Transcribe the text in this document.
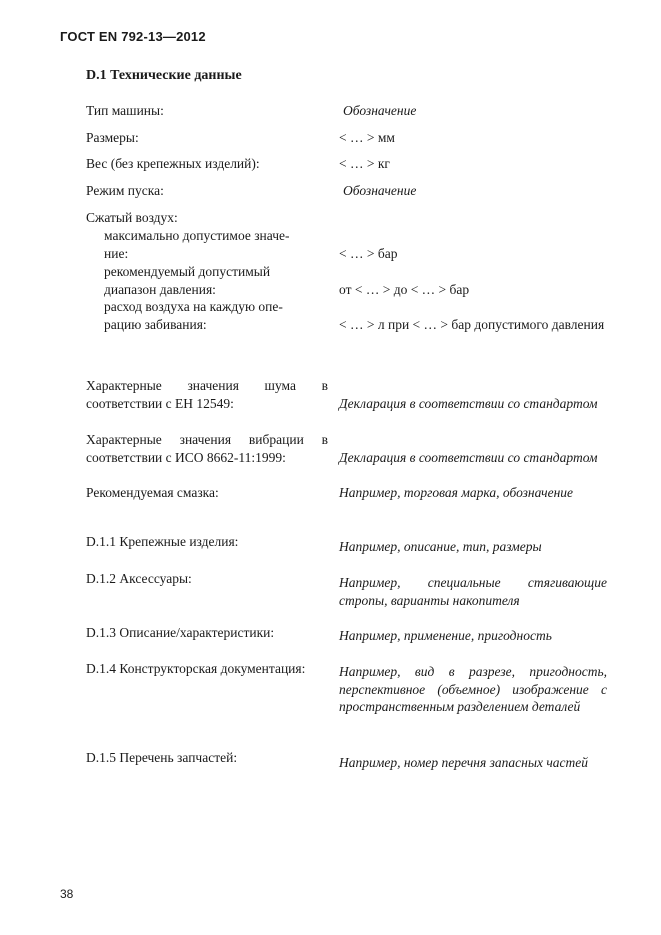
ГОСТ EN 792-13—2012
D.1 Технические данные
Тип машины:	Обозначение
Размеры:	< … > мм
Вес (без крепежных изделий):	< … > кг
Режим пуска:	Обозначение
Сжатый воздух:
максимально допустимое значе-
ние:	< … > бар
рекомендуемый допустимый
диапазон давления:	от < … > до < … > бар
расход воздуха на каждую опе-
рацию забивания:	< … > л при < … > бар допустимого давления
Характерные значения шума в соответствии с ЕН 12549:	Декларация в соответствии со стандартом
Характерные значения вибрации в соответствии с ИСО 8662-11:1999:	Декларация в соответствии со стандартом
Рекомендуемая смазка:	Например, торговая марка, обозначение
D.1.1 Крепежные изделия:	Например, описание, тип, размеры
D.1.2 Аксессуары:	Например, специальные стягивающие стропы, варианты накопителя
D.1.3 Описание/характеристики:	Например, применение, пригодность
D.1.4 Конструкторская документация:	Например, вид в разрезе, пригодность, перспективное (объемное) изображение с пространственным разделением деталей
D.1.5 Перечень запчастей:	Например, номер перечня запасных частей
38
